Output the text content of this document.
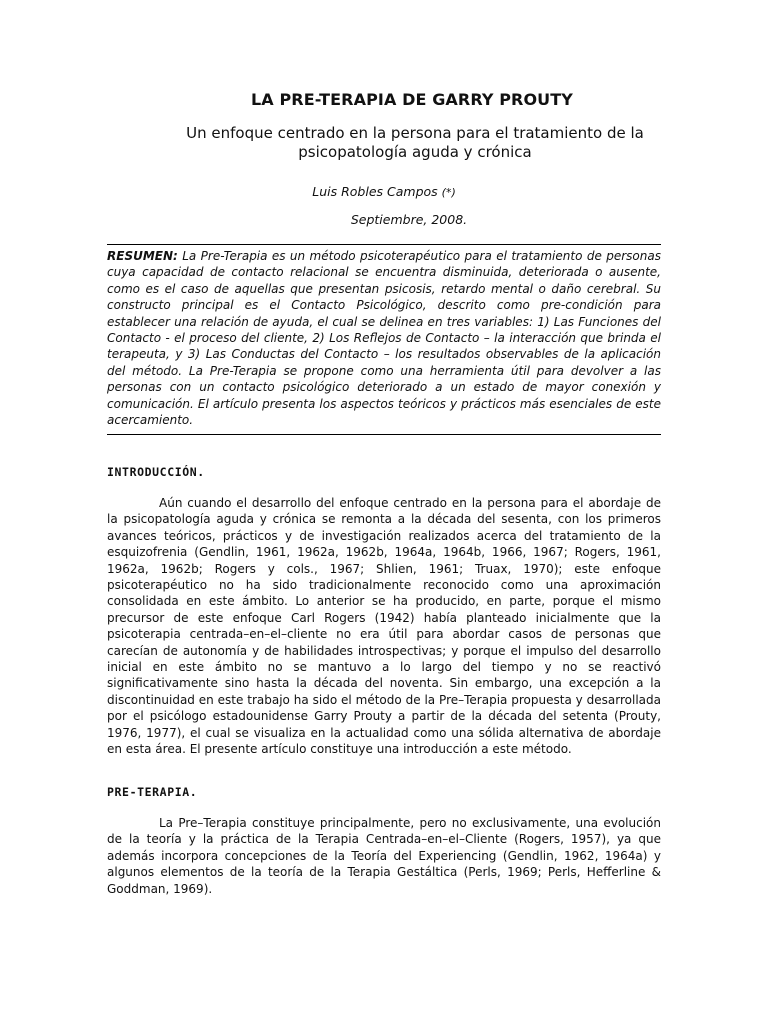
LA PRE-TERAPIA DE GARRY PROUTY
Un enfoque centrado en la persona para el tratamiento de la psicopatología aguda y crónica
Luis Robles Campos (*)
Septiembre, 2008.
RESUMEN: La Pre-Terapia es un método psicoterapéutico para el tratamiento de personas cuya capacidad de contacto relacional se encuentra disminuida, deteriorada o ausente, como es el caso de aquellas que presentan psicosis, retardo mental o daño cerebral. Su constructo principal es el Contacto Psicológico, descrito como pre-condición para establecer una relación de ayuda, el cual se delinea en tres variables: 1) Las Funciones del Contacto - el proceso del cliente, 2) Los Reflejos de Contacto – la interacción que brinda el terapeuta, y 3) Las Conductas del Contacto – los resultados observables de la aplicación del método. La Pre-Terapia se propone como una herramienta útil para devolver a las personas con un contacto psicológico deteriorado a un estado de mayor conexión y comunicación. El artículo presenta los aspectos teóricos y prácticos más esenciales de este acercamiento.
INTRODUCCIÓN.
Aún cuando el desarrollo del enfoque centrado en la persona para el abordaje de la psicopatología aguda y crónica se remonta a la década del sesenta, con los primeros avances teóricos, prácticos y de investigación realizados acerca del tratamiento de la esquizofrenia (Gendlin, 1961, 1962a, 1962b, 1964a, 1964b, 1966, 1967; Rogers, 1961, 1962a, 1962b; Rogers y cols., 1967; Shlien, 1961; Truax, 1970); este enfoque psicoterapéutico no ha sido tradicionalmente reconocido como una aproximación consolidada en este ámbito. Lo anterior se ha producido, en parte, porque el mismo precursor de este enfoque Carl Rogers (1942) había planteado inicialmente que la psicoterapia centrada–en–el–cliente no era útil para abordar casos de personas que carecían de autonomía y de habilidades introspectivas; y porque el impulso del desarrollo inicial en este ámbito no se mantuvo a lo largo del tiempo y no se reactivó significativamente sino hasta la década del noventa. Sin embargo, una excepción a la discontinuidad en este trabajo ha sido el método de la Pre–Terapia propuesta y desarrollada por el psicólogo estadounidense Garry Prouty a partir de la década del setenta (Prouty, 1976, 1977), el cual se visualiza en la actualidad como una sólida alternativa de abordaje en esta área. El presente artículo constituye una introducción a este método.
PRE-TERAPIA.
La Pre–Terapia constituye principalmente, pero no exclusivamente, una evolución de la teoría y la práctica de la Terapia Centrada–en–el–Cliente (Rogers, 1957), ya que además incorpora concepciones de la Teoría del Experiencing (Gendlin, 1962, 1964a) y algunos elementos de la teoría de la Terapia Gestáltica (Perls, 1969; Perls, Hefferline & Goddman, 1969).
